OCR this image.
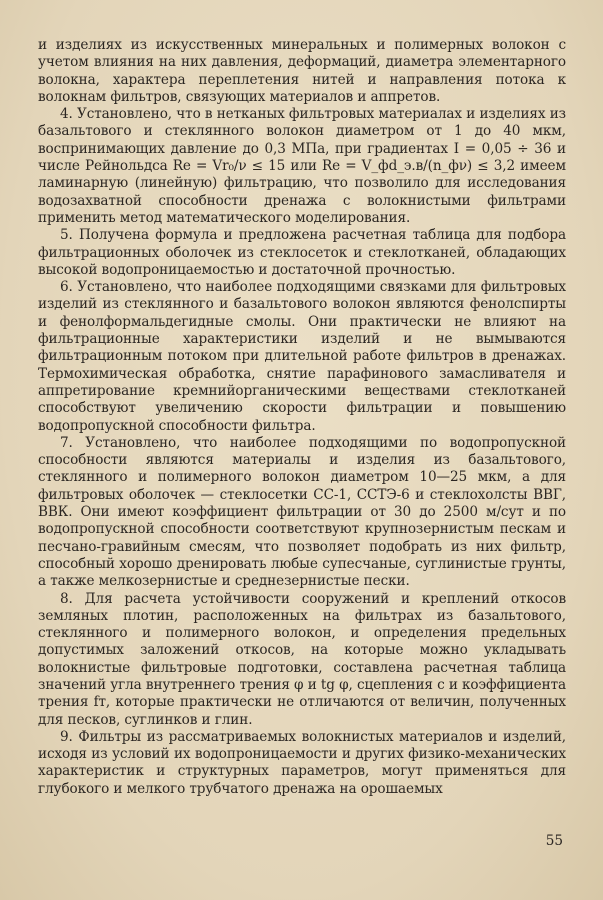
и изделиях из искусственных минеральных и полимерных волокон с учетом влияния на них давления, деформаций, диаметра элементарного волокна, характера переплетения нитей и направления потока к волокнам фильтров, связующих материалов и аппретов.

4. Установлено, что в нетканых фильтровых материалах и изделиях из базальтового и стеклянного волокон диаметром от 1 до 40 мкм, воспринимающих давление до 0,3 МПа, при градиентах I = 0,05 ÷ 36 и числе Рейнольдса Re = Vr₀/ν ≤ 15 или Re = V_фd_э.в/(n_фν) ≤ 3,2 имеем ламинарную (линейную) фильтрацию, что позволило для исследования водозахватной способности дренажа с волокнистыми фильтрами применить метод математического моделирования.

5. Получена формула и предложена расчетная таблица для подбора фильтрационных оболочек из стеклосеток и стеклотканей, обладающих высокой водопроницаемостью и достаточной прочностью.

6. Установлено, что наиболее подходящими связками для фильтровых изделий из стеклянного и базальтового волокон являются фенолспирты и фенолформальдегидные смолы. Они практически не влияют на фильтрационные характеристики изделий и не вымываются фильтрационным потоком при длительной работе фильтров в дренажах. Термохимическая обработка, снятие парафинового замасливателя и аппретирование кремнийорганическими веществами стеклотканей способствуют увеличению скорости фильтрации и повышению водопропускной способности фильтра.

7. Установлено, что наиболее подходящими по водопропускной способности являются материалы и изделия из базальтового, стеклянного и полимерного волокон диаметром 10—25 мкм, а для фильтровых оболочек — стеклосетки СС-1, ССТЭ-6 и стеклохолсты ВВГ, ВВК. Они имеют коэффициент фильтрации от 30 до 2500 м/сут и по водопропускной способности соответствуют крупнозернистым пескам и песчано-гравийным смесям, что позволяет подобрать из них фильтр, способный хорошо дренировать любые супесчаные, суглинистые грунты, а также мелкозернистые и среднезернистые пески.

8. Для расчета устойчивости сооружений и креплений откосов земляных плотин, расположенных на фильтрах из базальтового, стеклянного и полимерного волокон, и определения предельных допустимых заложений откосов, на которые можно укладывать волокнистые фильтровые подготовки, составлена расчетная таблица значений угла внутреннего трения φ и tg φ, сцепления c и коэффициента трения fт, которые практически не отличаются от величин, полученных для песков, суглинков и глин.

9. Фильтры из рассматриваемых волокнистых материалов и изделий, исходя из условий их водопроницаемости и других физико-механических характеристик и структурных параметров, могут применяться для глубокого и мелкого трубчатого дренажа на орошаемых

55
